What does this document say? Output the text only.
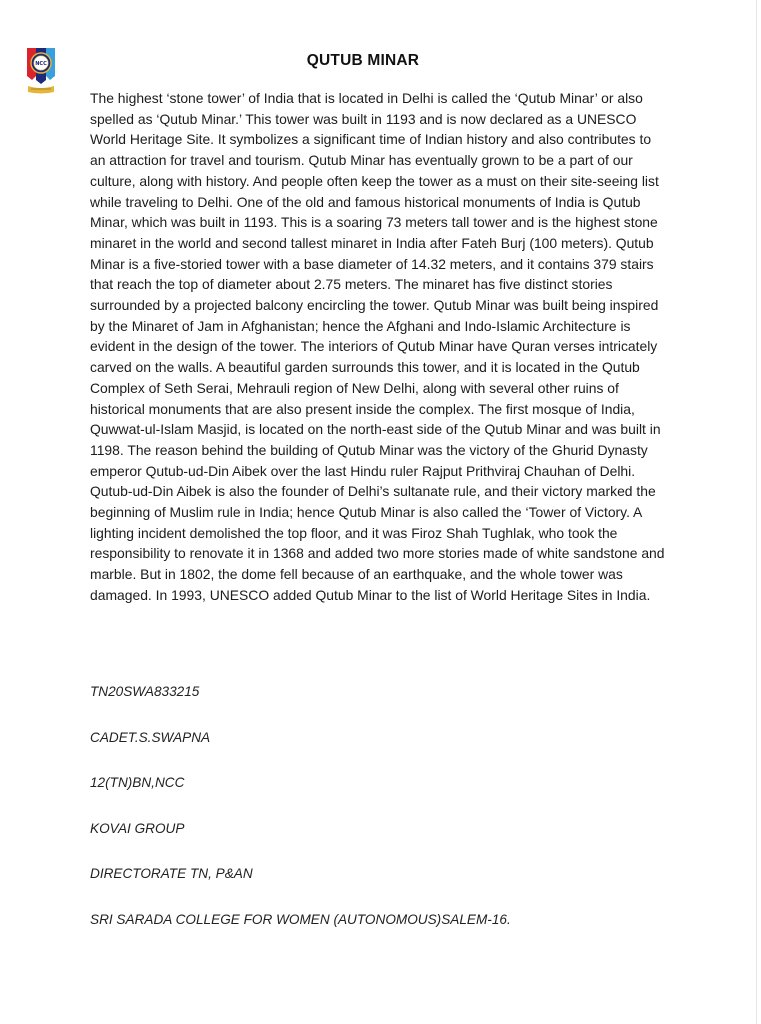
NCC	QUTUB MINAR

The highest ‘stone tower’ of India that is located in Delhi is called the ‘Qutub Minar’ or also spelled as ‘Qutub Minar.’ This tower was built in 1193 and is now declared as a UNESCO World Heritage Site. It symbolizes a significant time of Indian history and also contributes to an attraction for travel and tourism. Qutub Minar has eventually grown to be a part of our culture, along with history. And people often keep the tower as a must on their site-seeing list while traveling to Delhi. One of the old and famous historical monuments of India is Qutub Minar, which was built in 1193. This is a soaring 73 meters tall tower and is the highest stone minaret in the world and second tallest minaret in India after Fateh Burj (100 meters). Qutub Minar is a five-storied tower with a base diameter of 14.32 meters, and it contains 379 stairs that reach the top of diameter about 2.75 meters. The minaret has five distinct stories surrounded by a projected balcony encircling the tower. Qutub Minar was built being inspired by the Minaret of Jam in Afghanistan; hence the Afghani and Indo-Islamic Architecture is evident in the design of the tower. The interiors of Qutub Minar have Quran verses intricately carved on the walls. A beautiful garden surrounds this tower, and it is located in the Qutub Complex of Seth Serai, Mehrauli region of New Delhi, along with several other ruins of historical monuments that are also present inside the complex. The first mosque of India, Quwwat-ul-Islam Masjid, is located on the north-east side of the Qutub Minar and was built in 1198. The reason behind the building of Qutub Minar was the victory of the Ghurid Dynasty emperor Qutub-ud-Din Aibek over the last Hindu ruler Rajput Prithviraj Chauhan of Delhi. Qutub-ud-Din Aibek is also the founder of Delhi’s sultanate rule, and their victory marked the beginning of Muslim rule in India; hence Qutub Minar is also called the ‘Tower of Victory. A lighting incident demolished the top floor, and it was Firoz Shah Tughlak, who took the responsibility to renovate it in 1368 and added two more stories made of white sandstone and marble. But in 1802, the dome fell because of an earthquake, and the whole tower was damaged. In 1993, UNESCO added Qutub Minar to the list of World Heritage Sites in India.

TN20SWA833215
CADET.S.SWAPNA
12(TN)BN,NCC
KOVAI GROUP
DIRECTORATE TN, P&AN
SRI SARADA COLLEGE FOR WOMEN (AUTONOMOUS)SALEM-16.
